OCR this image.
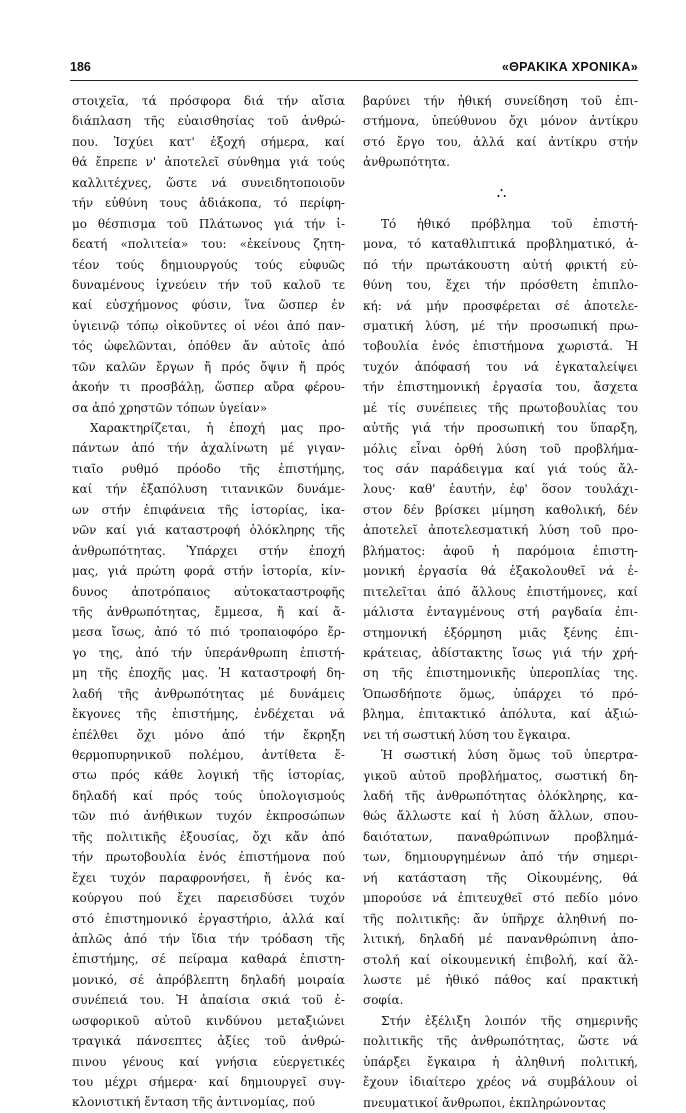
186	«ΘΡΑΚΙΚΑ ΧΡΟΝΙΚΑ»
στοιχεῖα, τά πρόσφορα διά τήν αἴσια
διάπλαση τῆς εὐαισθησίας τοῦ ἀνθρώ-
που. Ἰσχύει κατ' ἐξοχή σήμερα, καί
θά ἔπρεπε ν' ἀποτελεῖ σύνθημα γιά τούς
καλλιτέχνες, ὥστε νά συνειδητοποιοῦν
τήν εὐθύνη τους ἀδιάκοπα, τό περίφη-
μο θέσπισμα τοῦ Πλάτωνος γιά τήν ἰ-
δεατή «πολιτεία» του: «ἐκείνους ζητη-
τέον τούς δημιουργούς τούς εὐφυῶς
δυναμένους ἰχνεύειν τήν τοῦ καλοῦ τε
καί εὐσχήμονος φύσιν, ἵνα ὥσπερ ἐν
ὑγιεινῷ τόπῳ οἰκοῦντες οἱ νέοι ἀπό παν-
τός ὠφελῶνται, ὁπόθεν ἄν αὐτοῖς ἀπό
τῶν καλῶν ἔργων ἤ πρός ὄψιν ἤ πρός
ἀκοήν τι προσβάλῃ, ὥσπερ αὔρα φέρου-
σα ἀπό χρηστῶν τόπων ὑγείαν»
Χαρακτηρίζεται, ἡ ἐποχή μας προ-
πάντων ἀπό τήν ἀχαλίνωτη μέ γιγαν-
τιαῖο ρυθμό πρόοδο τῆς ἐπιστήμης,
καί τήν ἐξαπόλυση τιτανικῶν δυνάμε-
ων στήν ἐπιφάνεια τῆς ἱστορίας, ἱκα-
νῶν καί γιά καταστροφή ὁλόκληρης τῆς
ἀνθρωπότητας. Ὑπάρχει στήν ἐποχή
μας, γιά πρώτη φορά στήν ἱστορία, κίν-
δυνος ἀποτρόπαιος αὐτοκαταστροφῆς
τῆς ἀνθρωπότητας, ἔμμεσα, ἤ καί ἄ-
μεσα ἴσως, ἀπό τό πιό τροπαιοφόρο ἔρ-
γο της, ἀπό τήν ὑπεράνθρωπη ἐπιστή-
μη τῆς ἐποχῆς μας. Ἡ καταστροφή δη-
λαδή τῆς ἀνθρωπότητας μέ δυνάμεις
ἔκγονες τῆς ἐπιστήμης, ἐνδέχεται νά
ἐπέλθει ὄχι μόνο ἀπό τήν ἔκρηξη
θερμοπυρηνικοῦ πολέμου, ἀντίθετα ἔ-
στω πρός κάθε λογική τῆς ἱστορίας,
δηλαδή καί πρός τούς ὑπολογισμούς
τῶν πιό ἀνήθικων τυχόν ἐκπροσώπων
τῆς πολιτικῆς ἐξουσίας, ὄχι κἄν ἀπό
τήν πρωτοβουλία ἑνός ἐπιστήμονα πού
ἔχει τυχόν παραφρονήσει, ἤ ἑνός κα-
κούργου πού ἔχει παρεισδύσει τυχόν
στό ἐπιστημονικό ἐργαστήριο, ἀλλά καί
ἁπλῶς ἀπό τήν ἴδια τήν τρόδαση τῆς
ἐπιστήμης, σέ πείραμα καθαρά ἐπιστη-
μονικό, σέ ἀπρόβλεπτη δηλαδή μοιραία
συνέπειά του. Ἡ ἀπαίσια σκιά τοῦ ἐ-
ωσφορικοῦ αὐτοῦ κινδύνου μεταξιώνει
τραγικά πάνσεπτες ἀξίες τοῦ ἀνθρώ-
πινου γένους καί γνήσια εὐεργετικές
του μέχρι σήμερα· καί δημιουργεῖ συγ-
κλονιστική ἔνταση τῆς ἀντινομίας, πού
βαρύνει τήν ἠθική συνείδηση τοῦ ἐπι-
στήμονα, ὑπεύθυνου ὄχι μόνον ἀντίκρυ
στό ἔργο του, ἀλλά καί ἀντίκρυ στήν
ἀνθρωπότητα.
∴
Τό ἠθικό πρόβλημα τοῦ ἐπιστή-
μονα, τό καταθλιπτικά προβληματικό, ἀ-
πό τήν πρωτάκουστη αὐτή φρικτή εὐ-
θύνη του, ἔχει τήν πρόσθετη ἐπιπλο-
κή: νά μήν προσφέρεται σέ ἀποτελε-
σματική λύση, μέ τήν προσωπική πρω-
τοβουλία ἑνός ἐπιστήμονα χωριστά. Ἡ
τυχόν ἀπόφασή του νά ἐγκαταλείψει
τήν ἐπιστημονική ἐργασία του, ἄσχετα
μέ τίς συνέπειες τῆς πρωτοβουλίας του
αὐτῆς γιά τήν προσωπική του ὕπαρξη,
μόλις εἶναι ὀρθή λύση τοῦ προβλήμα-
τος σάν παράδειγμα καί γιά τούς ἄλ-
λους· καθ' ἑαυτήν, ἐφ' ὅσον τουλάχι-
στον δέν βρίσκει μίμηση καθολική, δέν
ἀποτελεῖ ἀποτελεσματική λύση τοῦ προ-
βλήματος: ἀφοῦ ἡ παρόμοια ἐπιστη-
μονική ἐργασία θά ἐξακολουθεῖ νά ἐ-
πιτελεῖται ἀπό ἄλλους ἐπιστήμονες, καί
μάλιστα ἐνταγμένους στή ραγδαία ἐπι-
στημονική ἐξόρμηση μιᾶς ξένης ἐπι-
κράτειας, ἀδίστακτης ἴσως γιά τήν χρή-
ση τῆς ἐπιστημονικῆς ὑπεροπλίας της.
Ὁπωσδήποτε ὅμως, ὑπάρχει τό πρό-
βλημα, ἐπιτακτικό ἀπόλυτα, καί ἀξιώ-
νει τή σωστική λύση του ἔγκαιρα.
Ἡ σωστική λύση ὅμως τοῦ ὑπερτρα-
γικοῦ αὐτοῦ προβλήματος, σωστική δη-
λαδή τῆς ἀνθρωπότητας ὁλόκληρης, κα-
θώς ἄλλωστε καί ἡ λύση ἄλλων, σπου-
δαιότατων, παναθρώπινων προβλημά-
των, δημιουργημένων ἀπό τήν σημερι-
νή κατάσταση τῆς Οἰκουμένης, θά
μπορούσε νά ἐπιτευχθεῖ στό πεδίο μόνο
τῆς πολιτικῆς: ἄν ὑπῆρχε ἀληθινή πο-
λιτική, δηλαδή μέ πανανθρώπινη ἀπο-
στολή καί οἰκουμενική ἐπιβολή, καί ἄλ-
λωστε μέ ἠθικό πάθος καί πρακτική
σοφία.
Στήν ἐξέλιξη λοιπόν τῆς σημερινῆς
πολιτικῆς τῆς ἀνθρωπότητας, ὥστε νά
ὑπάρξει ἔγκαιρα ἡ ἀληθινή πολιτική,
ἔχουν ἰδιαίτερο χρέος νά συμβάλουν οἱ
πνευματικοί ἄνθρωποι, ἐκπληρώνοντας
